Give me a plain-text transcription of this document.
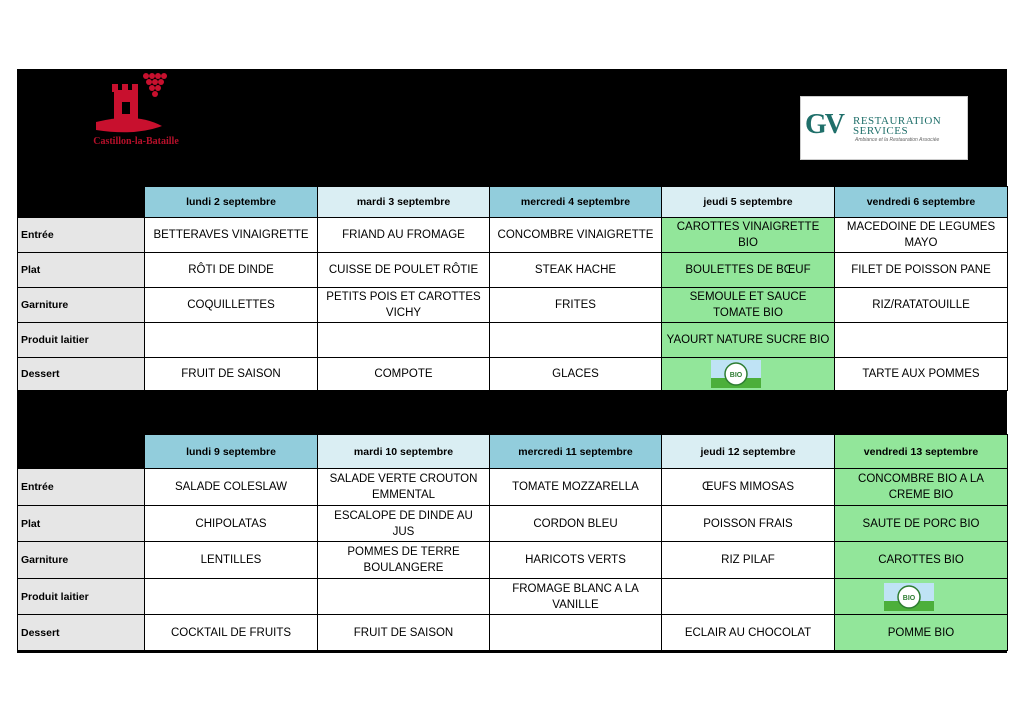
Castillon-la-Bataille
GV RESTAURATION
SERVICES
Ambiance et la Restauration Associée
	lundi 2 septembre	mardi 3 septembre	mercredi 4 septembre	jeudi 5 septembre	vendredi 6 septembre
Entrée	BETTERAVES VINAIGRETTE	FRIAND AU FROMAGE	CONCOMBRE VINAIGRETTE	CAROTTES VINAIGRETTE BIO	MACEDOINE DE LEGUMES MAYO
Plat	RÔTI DE DINDE	CUISSE DE POULET RÔTIE	STEAK HACHE	BOULETTES DE BŒUF	FILET DE POISSON PANE
Garniture	COQUILLETTES	PETITS POIS ET CAROTTES VICHY	FRITES	SEMOULE ET SAUCE TOMATE BIO	RIZ/RATATOUILLE
Produit laitier				YAOURT NATURE SUCRE BIO	
Dessert	FRUIT DE SAISON	COMPOTE	GLACES	BIO	TARTE AUX POMMES
	lundi 9 septembre	mardi 10 septembre	mercredi 11 septembre	jeudi 12 septembre	vendredi 13 septembre
Entrée	SALADE COLESLAW	SALADE VERTE CROUTON EMMENTAL	TOMATE MOZZARELLA	ŒUFS MIMOSAS	CONCOMBRE BIO A LA CREME BIO
Plat	CHIPOLATAS	ESCALOPE DE DINDE AU JUS	CORDON BLEU	POISSON FRAIS	SAUTE DE PORC BIO
Garniture	LENTILLES	POMMES DE TERRE BOULANGERE	HARICOTS VERTS	RIZ PILAF	CAROTTES BIO
Produit laitier			FROMAGE BLANC A LA VANILLE		BIO
Dessert	COCKTAIL DE FRUITS	FRUIT DE SAISON		ECLAIR AU CHOCOLAT	POMME BIO
